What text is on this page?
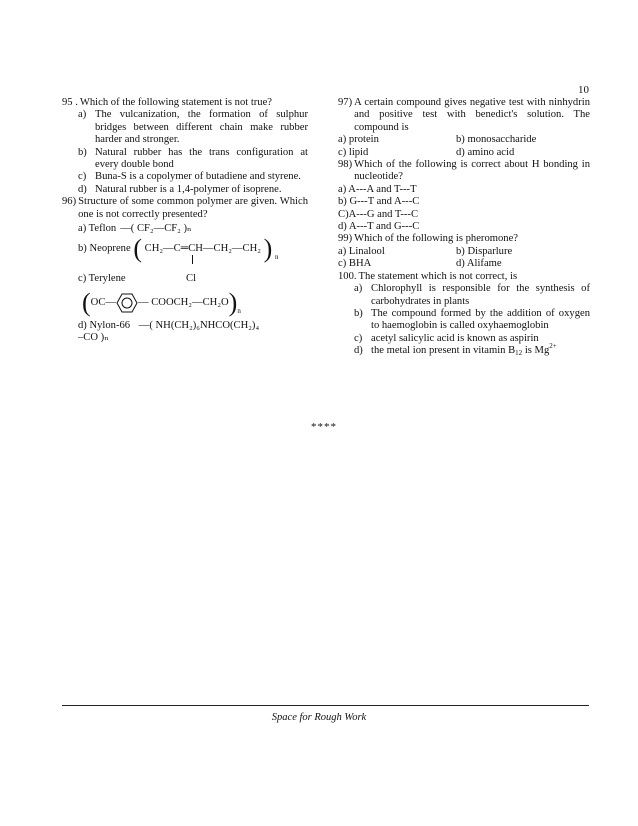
10
95 . Which of the following statement is not true?
a) The vulcanization, the formation of sulphur bridges between different chain make rubber harder and stronger.
b) Natural rubber has the trans configuration at every double bond
c) Buna-S is a copolymer of butadiene and styrene.
d) Natural rubber is a 1,4-polymer of isoprene.
96) Structure of some common polymer are given. Which one is not correctly presented?
a) Teflon —( CF₂—CF₂ )ₙ
b) Neoprene ( CH₂—C═CH—CH₂—CH₂ ) $_n$
c) Terylene	Cl
( OC— — COOCH₂—CH₂O ) n
d) Nylon-66 —( NH(CH₂)₆NHCO(CH₂)₄
–CO )ₙ
97) A certain compound gives negative test with ninhydrin and positive test with benedict's solution. The compound is
a) protein	b) monosaccharide
c) lipid	d) amino acid
98) Which of the following is correct about H bonding in nucleotide?
a) A---A and T---T
b) G---T and A---C
C)A---G and T---C
d) A---T and G---C
99) Which of the following is pheromone?
a) Linalool	b) Disparlure
c) BHA	d) Alifame
100. The statement which is not correct, is
a) Chlorophyll is responsible for the synthesis of carbohydrates in plants
b) The compound formed by the addition of oxygen to haemoglobin is called oxyhaemoglobin
c) acetyl salicylic acid is known as aspirin
d) the metal ion present in vitamin $B_{12}$ is $Mg^{2+}$
****
Space for Rough Work
